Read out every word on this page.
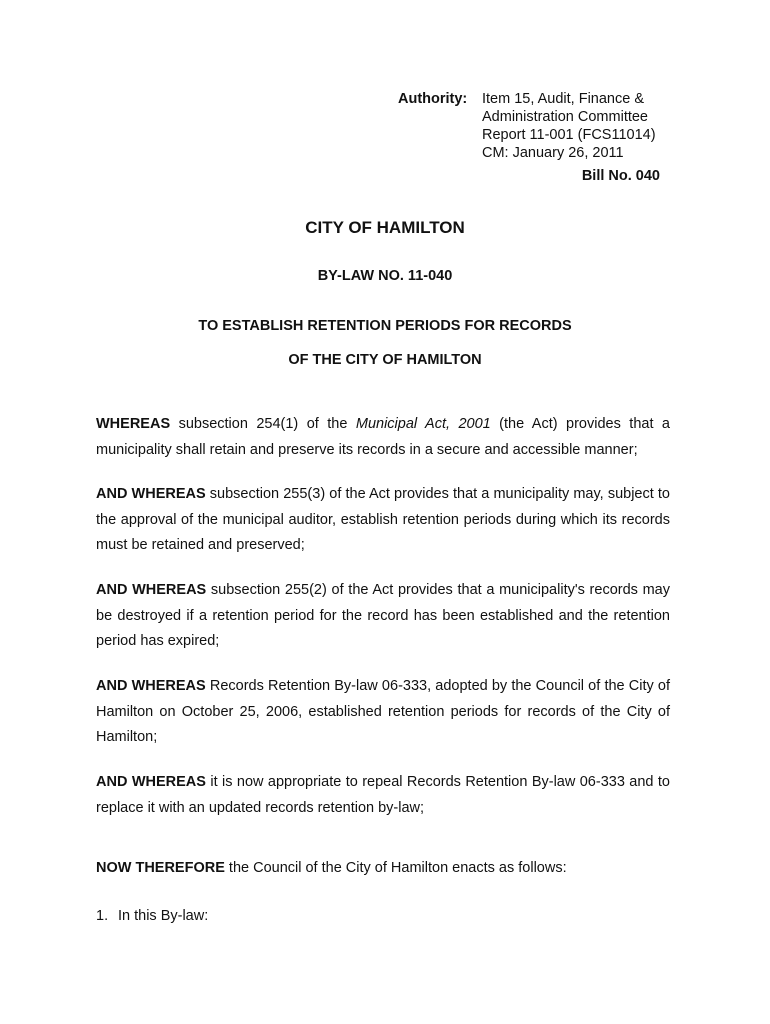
Authority:	Item 15, Audit, Finance &
Administration Committee
Report 11-001 (FCS11014)
CM: January 26, 2011
Bill No. 040
CITY OF HAMILTON
BY-LAW NO. 11-040
TO ESTABLISH RETENTION PERIODS FOR RECORDS
OF THE CITY OF HAMILTON
WHEREAS subsection 254(1) of the Municipal Act, 2001 (the Act) provides that a municipality shall retain and preserve its records in a secure and accessible manner;
AND WHEREAS subsection 255(3) of the Act provides that a municipality may, subject to the approval of the municipal auditor, establish retention periods during which its records must be retained and preserved;
AND WHEREAS subsection 255(2) of the Act provides that a municipality's records may be destroyed if a retention period for the record has been established and the retention period has expired;
AND WHEREAS Records Retention By-law 06-333, adopted by the Council of the City of Hamilton on October 25, 2006, established retention periods for records of the City of Hamilton;
AND WHEREAS it is now appropriate to repeal Records Retention By-law 06-333 and to replace it with an updated records retention by-law;
NOW THEREFORE the Council of the City of Hamilton enacts as follows:
1. In this By-law:
